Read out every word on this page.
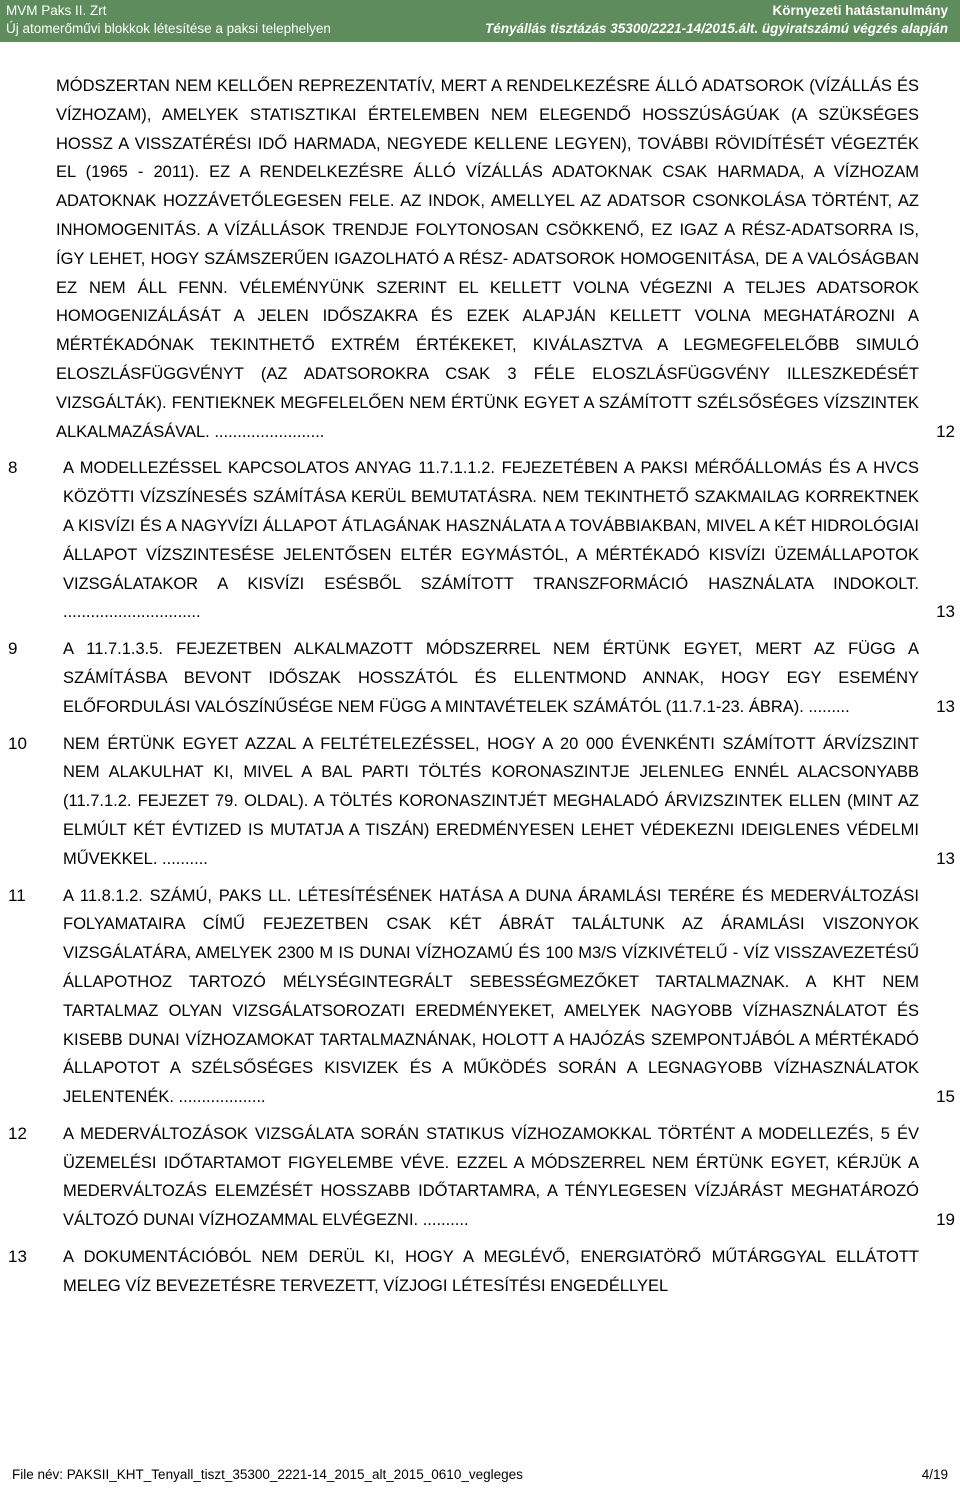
MVM Paks II. Zrt
Új atomerőművi blokkok létesítése a paksi telephelyen
Környezeti hatástanulmány
Tényállás tisztázás 35300/2221-14/2015.ált. ügyiratszámú végzés alapján
MÓDSZERTAN NEM KELLŐEN REPREZENTATÍV, MERT A RENDELKEZÉSRE ÁLLÓ ADATSOROK (VÍZÁLLÁS ÉS VÍZHOZAM), AMELYEK STATISZTIKAI ÉRTELEMBEN NEM ELEGENDŐ HOSSZÚSÁGÚAK (A SZÜKSÉGES HOSSZ A VISSZATÉRÉSI IDŐ HARMADA, NEGYEDE KELLENE LEGYEN), TOVÁBBI RÖVIDÍTÉSÉT VÉGEZTÉK EL (1965 - 2011). EZ A RENDELKEZÉSRE ÁLLÓ VÍZÁLLÁS ADATOKNAK CSAK HARMADA, A VÍZHOZAM ADATOKNAK HOZZÁVETŐLEGESEN FELE. AZ INDOK, AMELLYEL AZ ADATSOR CSONKOLÁSA TÖRTÉNT, AZ INHOMOGENITÁS. A VÍZÁLLÁSOK TRENDJE FOLYTONOSAN CSÖKKENŐ, EZ IGAZ A RÉSZ-ADATSORRA IS, ÍGY LEHET, HOGY SZÁMSZERŰEN IGAZOLHATÓ A RÉSZ- ADATSOROK HOMOGENITÁSA, DE A VALÓSÁGBAN EZ NEM ÁLL FENN. VÉLEMÉNYÜNK SZERINT EL KELLETT VOLNA VÉGEZNI A TELJES ADATSOROK HOMOGENIZÁLÁSÁT A JELEN IDŐSZAKRA ÉS EZEK ALAPJÁN KELLETT VOLNA MEGHATÁROZNI A MÉRTÉKADÓNAK TEKINTHETŐ EXTRÉM ÉRTÉKEKET, KIVÁLASZTVA A LEGMEGFELELŐBB SIMULÓ ELOSZLÁSFÜGGVÉNYT (AZ ADATSOROKRA CSAK 3 FÉLE ELOSZLÁSFÜGGVÉNY ILLESZKEDÉSÉT VIZSGÁLTÁK). FENTIEKNEK MEGFELELŐEN NEM ÉRTÜNK EGYET A SZÁMÍTOTT SZÉLSŐSÉGES VÍZSZINTEK ALKALMAZÁSÁVAL. ........................	12
8	A MODELLEZÉSSEL KAPCSOLATOS ANYAG 11.7.1.1.2. FEJEZETÉBEN A PAKSI MÉRŐÁLLOMÁS ÉS A HVCS KÖZÖTTI VÍZSZÍNESÉS SZÁMÍTÁSA KERÜL BEMUTATÁSRA. NEM TEKINTHETŐ SZAKMAILAG KORREKTNEK A KISVÍZI ÉS A NAGYVÍZI ÁLLAPOT ÁTLAGÁNAK HASZNÁLATA A TOVÁBBIAKBAN, MIVEL A KÉT HIDROLÓGIAI ÁLLAPOT VÍZSZINTESÉSE JELENTŐSEN ELTÉR EGYMÁSTÓL, A MÉRTÉKADÓ KISVÍZI ÜZEMÁLLAPOTOK VIZSGÁLATAKOR A KISVÍZI ESÉSBŐL SZÁMÍTOTT TRANSZFORMÁCIÓ HASZNÁLATA INDOKOLT. ..............................	13
9	A 11.7.1.3.5. FEJEZETBEN ALKALMAZOTT MÓDSZERREL NEM ÉRTÜNK EGYET, MERT AZ FÜGG A SZÁMÍTÁSBA BEVONT IDŐSZAK HOSSZÁTÓL ÉS ELLENTMOND ANNAK, HOGY EGY ESEMÉNY ELŐFORDULÁSI VALÓSZÍNŰSÉGE NEM FÜGG A MINTAVÉTELEK SZÁMÁTÓL (11.7.1-23. ÁBRA). .........	13
10	NEM ÉRTÜNK EGYET AZZAL A FELTÉTELEZÉSSEL, HOGY A 20 000 ÉVENKÉNTI SZÁMÍTOTT ÁRVÍZSZINT NEM ALAKULHAT KI, MIVEL A BAL PARTI TÖLTÉS KORONASZINTJE JELENLEG ENNÉL ALACSONYABB (11.7.1.2. FEJEZET 79. OLDAL). A TÖLTÉS KORONASZINTJÉT MEGHALADÓ ÁRVIZSZINTEK ELLEN (MINT AZ ELMÚLT KÉT ÉVTIZED IS MUTATJA A TISZÁN) EREDMÉNYESEN LEHET VÉDEKEZNI IDEIGLENES VÉDELMI MŰVEKKEL. ..........	13
11	A 11.8.1.2. SZÁMÚ, PAKS LL. LÉTESÍTÉSÉNEK HATÁSA A DUNA ÁRAMLÁSI TERÉRE ÉS MEDERVÁLTOZÁSI FOLYAMATAIRA CÍMŰ FEJEZETBEN CSAK KÉT ÁBRÁT TALÁLTUNK AZ ÁRAMLÁSI VISZONYOK VIZSGÁLATÁRA, AMELYEK 2300 M IS DUNAI VÍZHOZAMÚ ÉS 100 M3/S VÍZKIVÉTELŰ - VÍZ VISSZAVEZETÉSŰ ÁLLAPOTHOZ TARTOZÓ MÉLYSÉGINTEGRÁLT SEBESSÉGMEZŐKET TARTALMAZNAK. A KHT NEM TARTALMAZ OLYAN VIZSGÁLATSOROZATI EREDMÉNYEKET, AMELYEK NAGYOBB VÍZHASZNÁLATOT ÉS KISEBB DUNAI VÍZHOZAMOKAT TARTALMAZNÁNAK, HOLOTT A HAJÓZÁS SZEMPONTJÁBÓL A MÉRTÉKADÓ ÁLLAPOTOT A SZÉLSŐSÉGES KISVIZEK ÉS A MŰKÖDÉS SORÁN A LEGNAGYOBB VÍZHASZNÁLATOK JELENTENÉK. ...................	15
12	A MEDERVÁLTOZÁSOK VIZSGÁLATA SORÁN STATIKUS VÍZHOZAMOKKAL TÖRTÉNT A MODELLEZÉS, 5 ÉV ÜZEMELÉSI IDŐTARTAMOT FIGYELEMBE VÉVE. EZZEL A MÓDSZERREL NEM ÉRTÜNK EGYET, KÉRJÜK A MEDERVÁLTOZÁS ELEMZÉSÉT HOSSZABB IDŐTARTAMRA, A TÉNYLEGESEN VÍZJÁRÁST MEGHATÁROZÓ VÁLTOZÓ DUNAI VÍZHOZAMMAL ELVÉGEZNI. ..........	19
13	A DOKUMENTÁCIÓBÓL NEM DERÜL KI, HOGY A MEGLÉVŐ, ENERGIATÖRŐ MŰTÁRGGYAL ELLÁTOTT MELEG VÍZ BEVEZETÉSRE TERVEZETT, VÍZJOGI LÉTESÍTÉSI ENGEDÉLLYEL
File név: PAKSII_KHT_Tenyall_tiszt_35300_2221-14_2015_alt_2015_0610_vegleges	4/19
